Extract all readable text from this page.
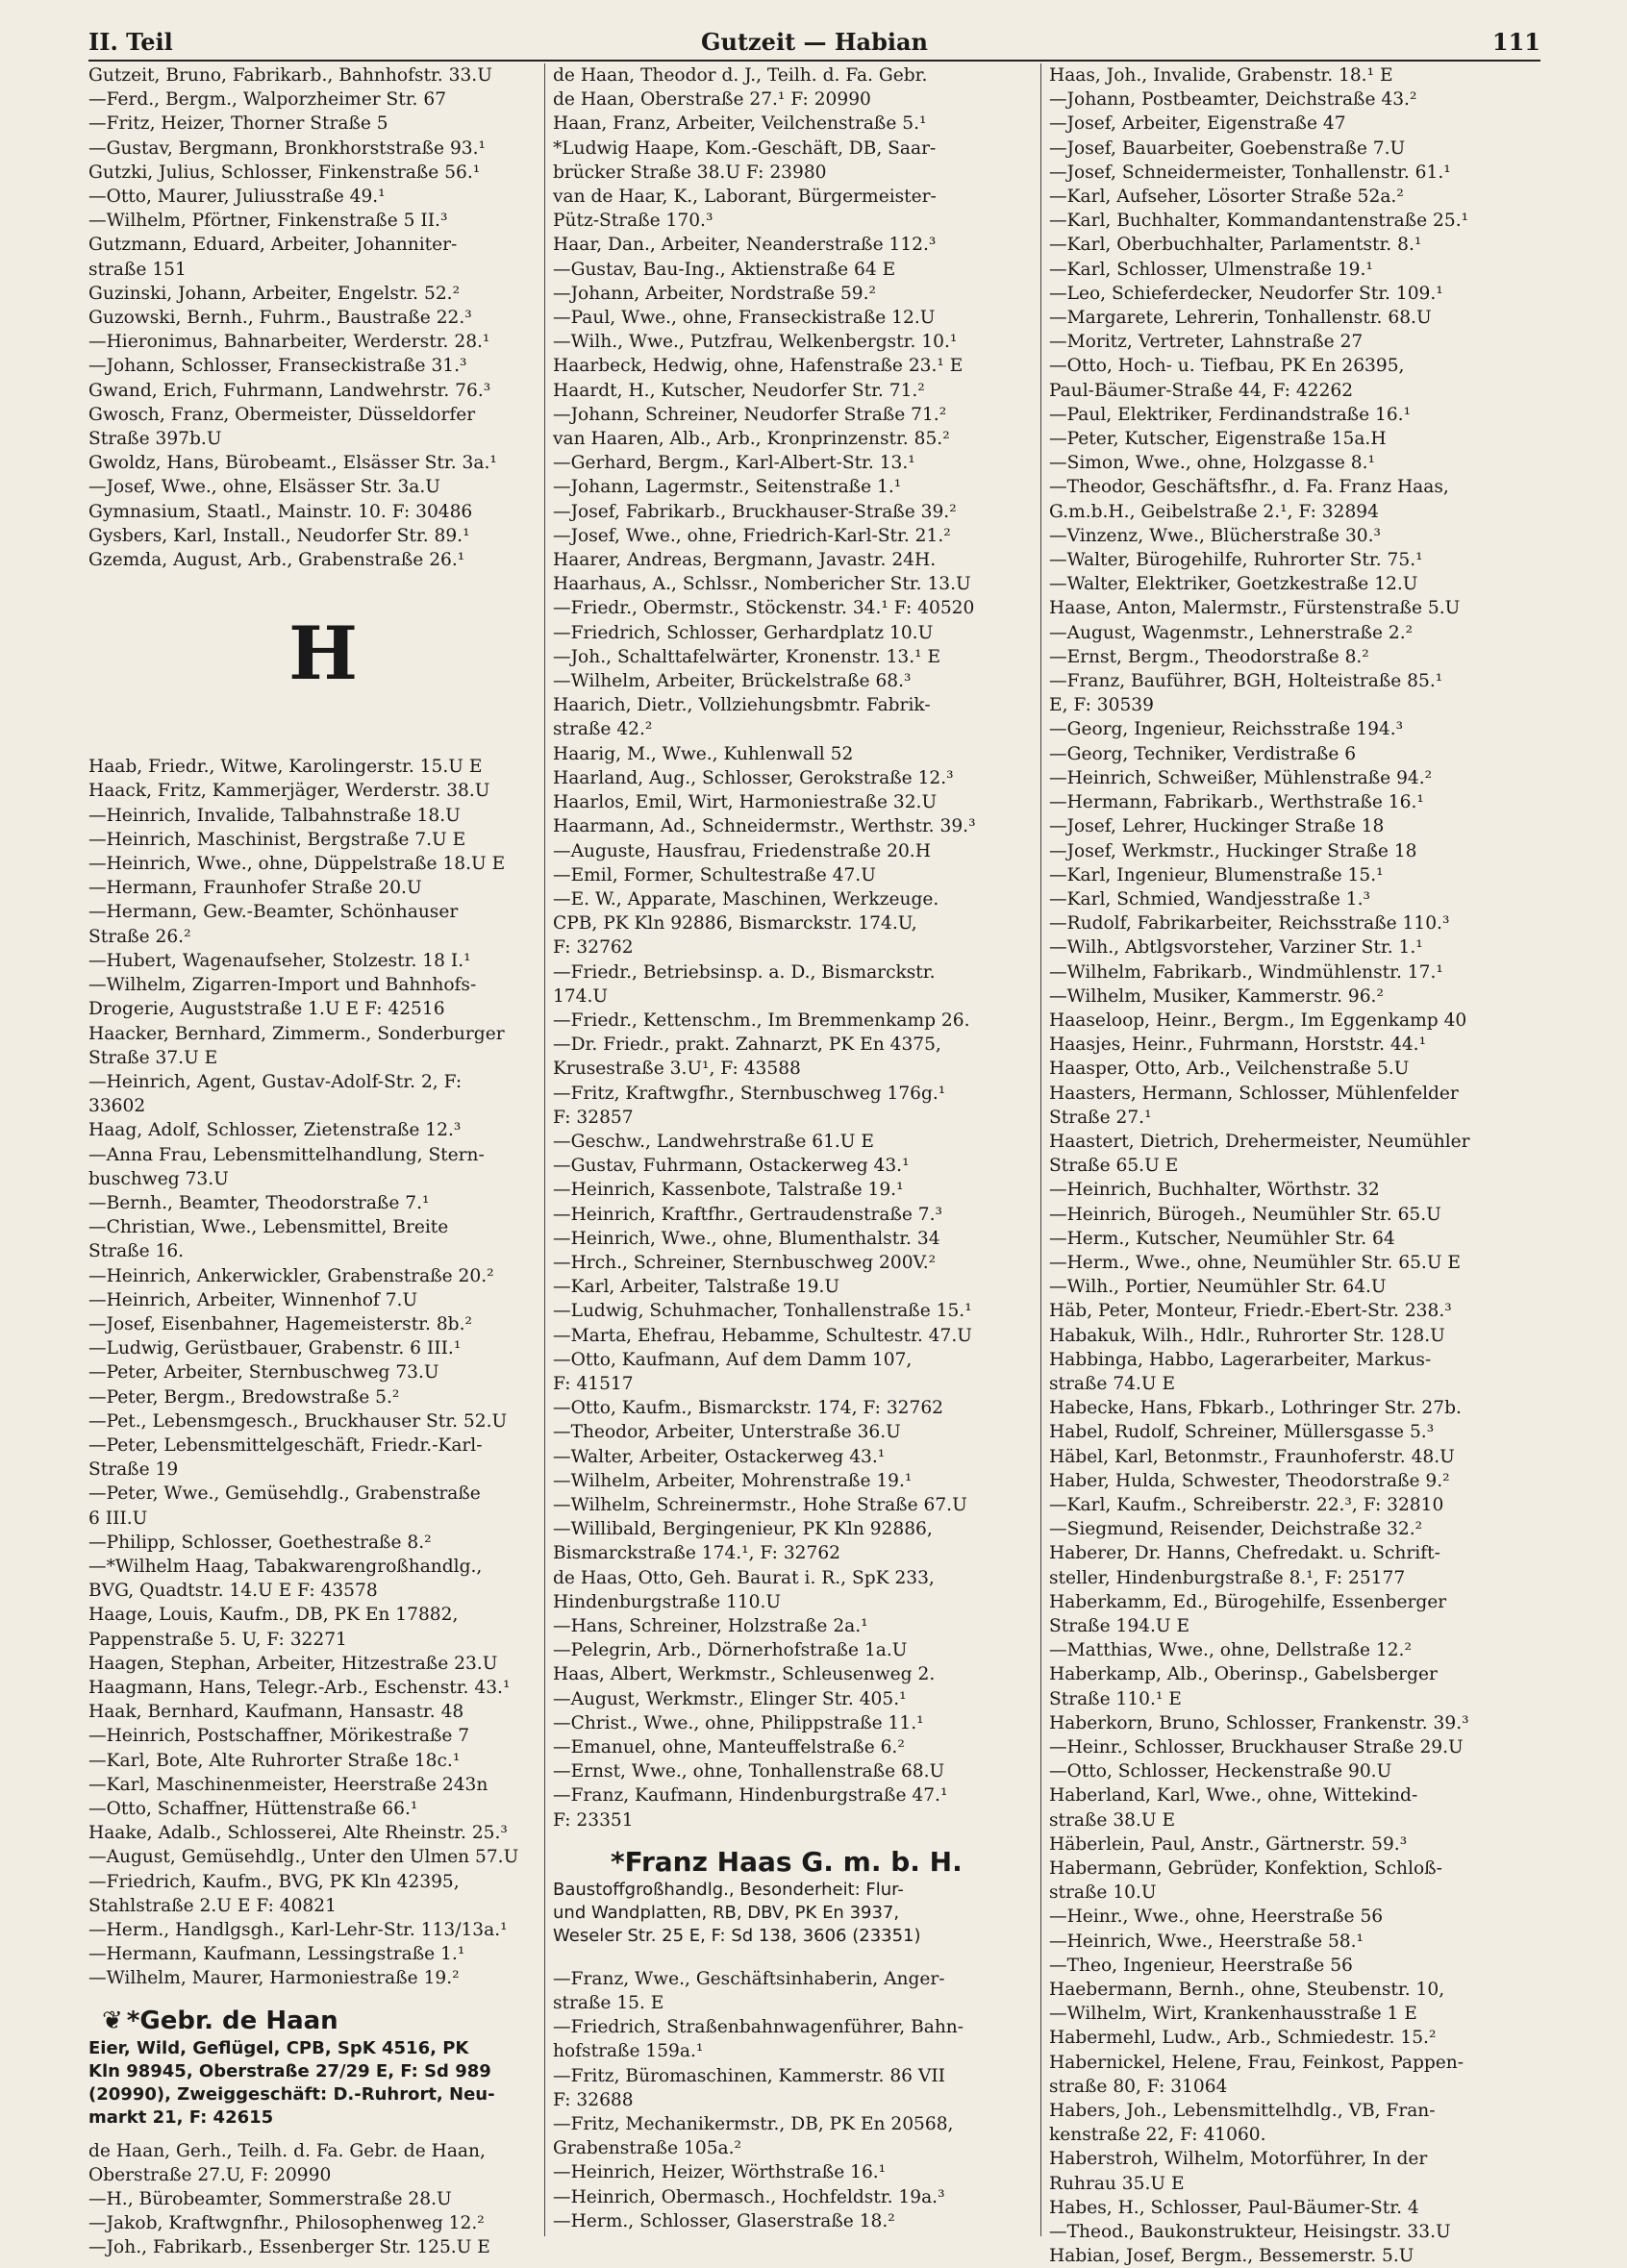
II. Teil	Gutzeit — Habian	111
Gutzeit, Bruno, Fabrikarb., Bahnhofstr. 33.U
—Ferd., Bergm., Walporzheimer Str. 67
—Fritz, Heizer, Thorner Straße 5
—Gustav, Bergmann, Bronkhorststraße 93.¹
Gutzki, Julius, Schlosser, Finkenstraße 56.¹
—Otto, Maurer, Juliusstraße 49.¹
—Wilhelm, Pförtner, Finkenstraße 5 II.³
Gutzmann, Eduard, Arbeiter, Johanniter-
straße 151
Guzinski, Johann, Arbeiter, Engelstr. 52.²
Guzowski, Bernh., Fuhrm., Baustraße 22.³
—Hieronimus, Bahnarbeiter, Werderstr. 28.¹
—Johann, Schlosser, Franseckistraße 31.³
Gwand, Erich, Fuhrmann, Landwehrstr. 76.³
Gwosch, Franz, Obermeister, Düsseldorfer
Straße 397b.U
Gwoldz, Hans, Bürobeamt., Elsässer Str. 3a.¹
—Josef, Wwe., ohne, Elsässer Str. 3a.U
Gymnasium, Staatl., Mainstr. 10. F: 30486
Gysbers, Karl, Install., Neudorfer Str. 89.¹
Gzemda, August, Arb., Grabenstraße 26.¹
H
Haab, Friedr., Witwe, Karolingerstr. 15.U E
Haack, Fritz, Kammerjäger, Werderstr. 38.U
—Heinrich, Invalide, Talbahnstraße 18.U
—Heinrich, Maschinist, Bergstraße 7.U E
—Heinrich, Wwe., ohne, Düppelstraße 18.U E
—Hermann, Fraunhofer Straße 20.U
—Hermann, Gew.-Beamter, Schönhauser
Straße 26.²
—Hubert, Wagenaufseher, Stolzestr. 18 I.¹
—Wilhelm, Zigarren-Import und Bahnhofs-
Drogerie, Auguststraße 1.U E F: 42516
Haacker, Bernhard, Zimmerm., Sonderburger
Straße 37.U E
—Heinrich, Agent, Gustav-Adolf-Str. 2, F:
33602
Haag, Adolf, Schlosser, Zietenstraße 12.³
—Anna Frau, Lebensmittelhandlung, Stern-
buschweg 73.U
—Bernh., Beamter, Theodorstraße 7.¹
—Christian, Wwe., Lebensmittel, Breite
Straße 16.
—Heinrich, Ankerwickler, Grabenstraße 20.²
—Heinrich, Arbeiter, Winnenhof 7.U
—Josef, Eisenbahner, Hagemeisterstr. 8b.²
—Ludwig, Gerüstbauer, Grabenstr. 6 III.¹
—Peter, Arbeiter, Sternbuschweg 73.U
—Peter, Bergm., Bredowstraße 5.²
—Pet., Lebensmgesch., Bruckhauser Str. 52.U
—Peter, Lebensmittelgeschäft, Friedr.-Karl-
Straße 19
—Peter, Wwe., Gemüsehdlg., Grabenstraße
6 III.U
—Philipp, Schlosser, Goethestraße 8.²
—*Wilhelm Haag, Tabakwarengroßhandlg.,
BVG, Quadtstr. 14.U E F: 43578
Haage, Louis, Kaufm., DB, PK En 17882,
Pappenstraße 5. U, F: 32271
Haagen, Stephan, Arbeiter, Hitzestraße 23.U
Haagmann, Hans, Telegr.-Arb., Eschenstr. 43.¹
Haak, Bernhard, Kaufmann, Hansastr. 48
—Heinrich, Postschaffner, Mörikestraße 7
—Karl, Bote, Alte Ruhrorter Straße 18c.¹
—Karl, Maschinenmeister, Heerstraße 243n
—Otto, Schaffner, Hüttenstraße 66.¹
Haake, Adalb., Schlosserei, Alte Rheinstr. 25.³
—August, Gemüsehdlg., Unter den Ulmen 57.U
—Friedrich, Kaufm., BVG, PK Kln 42395,
Stahlstraße 2.U E F: 40821
—Herm., Handlgsgh., Karl-Lehr-Str. 113/13a.¹
—Hermann, Kaufmann, Lessingstraße 1.¹
—Wilhelm, Maurer, Harmoniestraße 19.²
❦ *Gebr. de Haan
Eier, Wild, Geflügel, CPB, SpK 4516, PK
Kln 98945, Oberstraße 27/29 E, F: Sd 989
(20990), Zweiggeschäft: D.-Ruhrort, Neu-
markt 21, F: 42615
de Haan, Gerh., Teilh. d. Fa. Gebr. de Haan,
Oberstraße 27.U, F: 20990
—H., Bürobeamter, Sommerstraße 28.U
—Jakob, Kraftwgnfhr., Philosophenweg 12.²
—Joh., Fabrikarb., Essenberger Str. 125.U E
de Haan, Theodor d. J., Teilh. d. Fa. Gebr.
de Haan, Oberstraße 27.¹ F: 20990
Haan, Franz, Arbeiter, Veilchenstraße 5.¹
*Ludwig Haape, Kom.-Geschäft, DB, Saar-
brücker Straße 38.U F: 23980
van de Haar, K., Laborant, Bürgermeister-
Pütz-Straße 170.³
Haar, Dan., Arbeiter, Neanderstraße 112.³
—Gustav, Bau-Ing., Aktienstraße 64 E
—Johann, Arbeiter, Nordstraße 59.²
—Paul, Wwe., ohne, Franseckistraße 12.U
—Wilh., Wwe., Putzfrau, Welkenbergstr. 10.¹
Haarbeck, Hedwig, ohne, Hafenstraße 23.¹ E
Haardt, H., Kutscher, Neudorfer Str. 71.²
—Johann, Schreiner, Neudorfer Straße 71.²
van Haaren, Alb., Arb., Kronprinzenstr. 85.²
—Gerhard, Bergm., Karl-Albert-Str. 13.¹
—Johann, Lagermstr., Seitenstraße 1.¹
—Josef, Fabrikarb., Bruckhauser-Straße 39.²
—Josef, Wwe., ohne, Friedrich-Karl-Str. 21.²
Haarer, Andreas, Bergmann, Javastr. 24H.
Haarhaus, A., Schlssr., Nombericher Str. 13.U
—Friedr., Obermstr., Stöckenstr. 34.¹ F: 40520
—Friedrich, Schlosser, Gerhardplatz 10.U
—Joh., Schalttafelwärter, Kronenstr. 13.¹ E
—Wilhelm, Arbeiter, Brückelstraße 68.³
Haarich, Dietr., Vollziehungsbmtr. Fabrik-
straße 42.²
Haarig, M., Wwe., Kuhlenwall 52
Haarland, Aug., Schlosser, Gerokstraße 12.³
Haarlos, Emil, Wirt, Harmoniestraße 32.U
Haarmann, Ad., Schneidermstr., Werthstr. 39.³
—Auguste, Hausfrau, Friedenstraße 20.H
—Emil, Former, Schultestraße 47.U
—E. W., Apparate, Maschinen, Werkzeuge.
CPB, PK Kln 92886, Bismarckstr. 174.U,
F: 32762
—Friedr., Betriebsinsp. a. D., Bismarckstr.
174.U
—Friedr., Kettenschm., Im Bremmenkamp 26.
—Dr. Friedr., prakt. Zahnarzt, PK En 4375,
Krusestraße 3.U¹, F: 43588
—Fritz, Kraftwgfhr., Sternbuschweg 176g.¹
F: 32857
—Geschw., Landwehrstraße 61.U E
—Gustav, Fuhrmann, Ostackerweg 43.¹
—Heinrich, Kassenbote, Talstraße 19.¹
—Heinrich, Kraftfhr., Gertraudenstraße 7.³
—Heinrich, Wwe., ohne, Blumenthalstr. 34
—Hrch., Schreiner, Sternbuschweg 200V.²
—Karl, Arbeiter, Talstraße 19.U
—Ludwig, Schuhmacher, Tonhallenstraße 15.¹
—Marta, Ehefrau, Hebamme, Schultestr. 47.U
—Otto, Kaufmann, Auf dem Damm 107,
F: 41517
—Otto, Kaufm., Bismarckstr. 174, F: 32762
—Theodor, Arbeiter, Unterstraße 36.U
—Walter, Arbeiter, Ostackerweg 43.¹
—Wilhelm, Arbeiter, Mohrenstraße 19.¹
—Wilhelm, Schreinermstr., Hohe Straße 67.U
—Willibald, Bergingenieur, PK Kln 92886,
Bismarckstraße 174.¹, F: 32762
de Haas, Otto, Geh. Baurat i. R., SpK 233,
Hindenburgstraße 110.U
—Hans, Schreiner, Holzstraße 2a.¹
—Pelegrin, Arb., Dörnerhofstraße 1a.U
Haas, Albert, Werkmstr., Schleusenweg 2.
—August, Werkmstr., Elinger Str. 405.¹
—Christ., Wwe., ohne, Philippstraße 11.¹
—Emanuel, ohne, Manteuffelstraße 6.²
—Ernst, Wwe., ohne, Tonhallenstraße 68.U
—Franz, Kaufmann, Hindenburgstraße 47.¹
F: 23351
*Franz Haas G. m. b. H.
Baustoffgroßhandlg., Besonderheit: Flur-
und Wandplatten, RB, DBV, PK En 3937,
Weseler Str. 25 E, F: Sd 138, 3606 (23351)
—Franz, Wwe., Geschäftsinhaberin, Anger-
straße 15. E
—Friedrich, Straßenbahnwagenführer, Bahn-
hofstraße 159a.¹
—Fritz, Büromaschinen, Kammerstr. 86 VII
F: 32688
—Fritz, Mechanikermstr., DB, PK En 20568,
Grabenstraße 105a.²
—Heinrich, Heizer, Wörthstraße 16.¹
—Heinrich, Obermasch., Hochfeldstr. 19a.³
—Herm., Schlosser, Glaserstraße 18.²
Haas, Joh., Invalide, Grabenstr. 18.¹ E
—Johann, Postbeamter, Deichstraße 43.²
—Josef, Arbeiter, Eigenstraße 47
—Josef, Bauarbeiter, Goebenstraße 7.U
—Josef, Schneidermeister, Tonhallenstr. 61.¹
—Karl, Aufseher, Lösorter Straße 52a.²
—Karl, Buchhalter, Kommandantenstraße 25.¹
—Karl, Oberbuchhalter, Parlamentstr. 8.¹
—Karl, Schlosser, Ulmenstraße 19.¹
—Leo, Schieferdecker, Neudorfer Str. 109.¹
—Margarete, Lehrerin, Tonhallenstr. 68.U
—Moritz, Vertreter, Lahnstraße 27
—Otto, Hoch- u. Tiefbau, PK En 26395,
Paul-Bäumer-Straße 44, F: 42262
—Paul, Elektriker, Ferdinandstraße 16.¹
—Peter, Kutscher, Eigenstraße 15a.H
—Simon, Wwe., ohne, Holzgasse 8.¹
—Theodor, Geschäftsfhr., d. Fa. Franz Haas,
G.m.b.H., Geibelstraße 2.¹, F: 32894
—Vinzenz, Wwe., Blücherstraße 30.³
—Walter, Bürogehilfe, Ruhrorter Str. 75.¹
—Walter, Elektriker, Goetzkestraße 12.U
Haase, Anton, Malermstr., Fürstenstraße 5.U
—August, Wagenmstr., Lehnerstraße 2.²
—Ernst, Bergm., Theodorstraße 8.²
—Franz, Bauführer, BGH, Holteistraße 85.¹
E, F: 30539
—Georg, Ingenieur, Reichsstraße 194.³
—Georg, Techniker, Verdistraße 6
—Heinrich, Schweißer, Mühlenstraße 94.²
—Hermann, Fabrikarb., Werthstraße 16.¹
—Josef, Lehrer, Huckinger Straße 18
—Josef, Werkmstr., Huckinger Straße 18
—Karl, Ingenieur, Blumenstraße 15.¹
—Karl, Schmied, Wandjesstraße 1.³
—Rudolf, Fabrikarbeiter, Reichsstraße 110.³
—Wilh., Abtlgsvorsteher, Varziner Str. 1.¹
—Wilhelm, Fabrikarb., Windmühlenstr. 17.¹
—Wilhelm, Musiker, Kammerstr. 96.²
Haaseloop, Heinr., Bergm., Im Eggenkamp 40
Haasjes, Heinr., Fuhrmann, Horststr. 44.¹
Haasper, Otto, Arb., Veilchenstraße 5.U
Haasters, Hermann, Schlosser, Mühlenfelder
Straße 27.¹
Haastert, Dietrich, Drehermeister, Neumühler
Straße 65.U E
—Heinrich, Buchhalter, Wörthstr. 32
—Heinrich, Bürogeh., Neumühler Str. 65.U
—Herm., Kutscher, Neumühler Str. 64
—Herm., Wwe., ohne, Neumühler Str. 65.U E
—Wilh., Portier, Neumühler Str. 64.U
Häb, Peter, Monteur, Friedr.-Ebert-Str. 238.³
Habakuk, Wilh., Hdlr., Ruhrorter Str. 128.U
Habbinga, Habbo, Lagerarbeiter, Markus-
straße 74.U E
Habecke, Hans, Fbkarb., Lothringer Str. 27b.
Habel, Rudolf, Schreiner, Müllersgasse 5.³
Häbel, Karl, Betonmstr., Fraunhoferstr. 48.U
Haber, Hulda, Schwester, Theodorstraße 9.²
—Karl, Kaufm., Schreiberstr. 22.³, F: 32810
—Siegmund, Reisender, Deichstraße 32.²
Haberer, Dr. Hanns, Chefredakt. u. Schrift-
steller, Hindenburgstraße 8.¹, F: 25177
Haberkamm, Ed., Bürogehilfe, Essenberger
Straße 194.U E
—Matthias, Wwe., ohne, Dellstraße 12.²
Haberkamp, Alb., Oberinsp., Gabelsberger
Straße 110.¹ E
Haberkorn, Bruno, Schlosser, Frankenstr. 39.³
—Heinr., Schlosser, Bruckhauser Straße 29.U
—Otto, Schlosser, Heckenstraße 90.U
Haberland, Karl, Wwe., ohne, Wittekind-
straße 38.U E
Häberlein, Paul, Anstr., Gärtnerstr. 59.³
Habermann, Gebrüder, Konfektion, Schloß-
straße 10.U
—Heinr., Wwe., ohne, Heerstraße 56
—Heinrich, Wwe., Heerstraße 58.¹
—Theo, Ingenieur, Heerstraße 56
Haebermann, Bernh., ohne, Steubenstr. 10,
—Wilhelm, Wirt, Krankenhausstraße 1 E
Habermehl, Ludw., Arb., Schmiedestr. 15.²
Habernickel, Helene, Frau, Feinkost, Pappen-
straße 80, F: 31064
Habers, Joh., Lebensmittelhdlg., VB, Fran-
kenstraße 22, F: 41060.
Haberstroh, Wilhelm, Motorführer, In der
Ruhrau 35.U E
Habes, H., Schlosser, Paul-Bäumer-Str. 4
—Theod., Baukonstrukteur, Heisingstr. 33.U
Habian, Josef, Bergm., Bessemerstr. 5.U
